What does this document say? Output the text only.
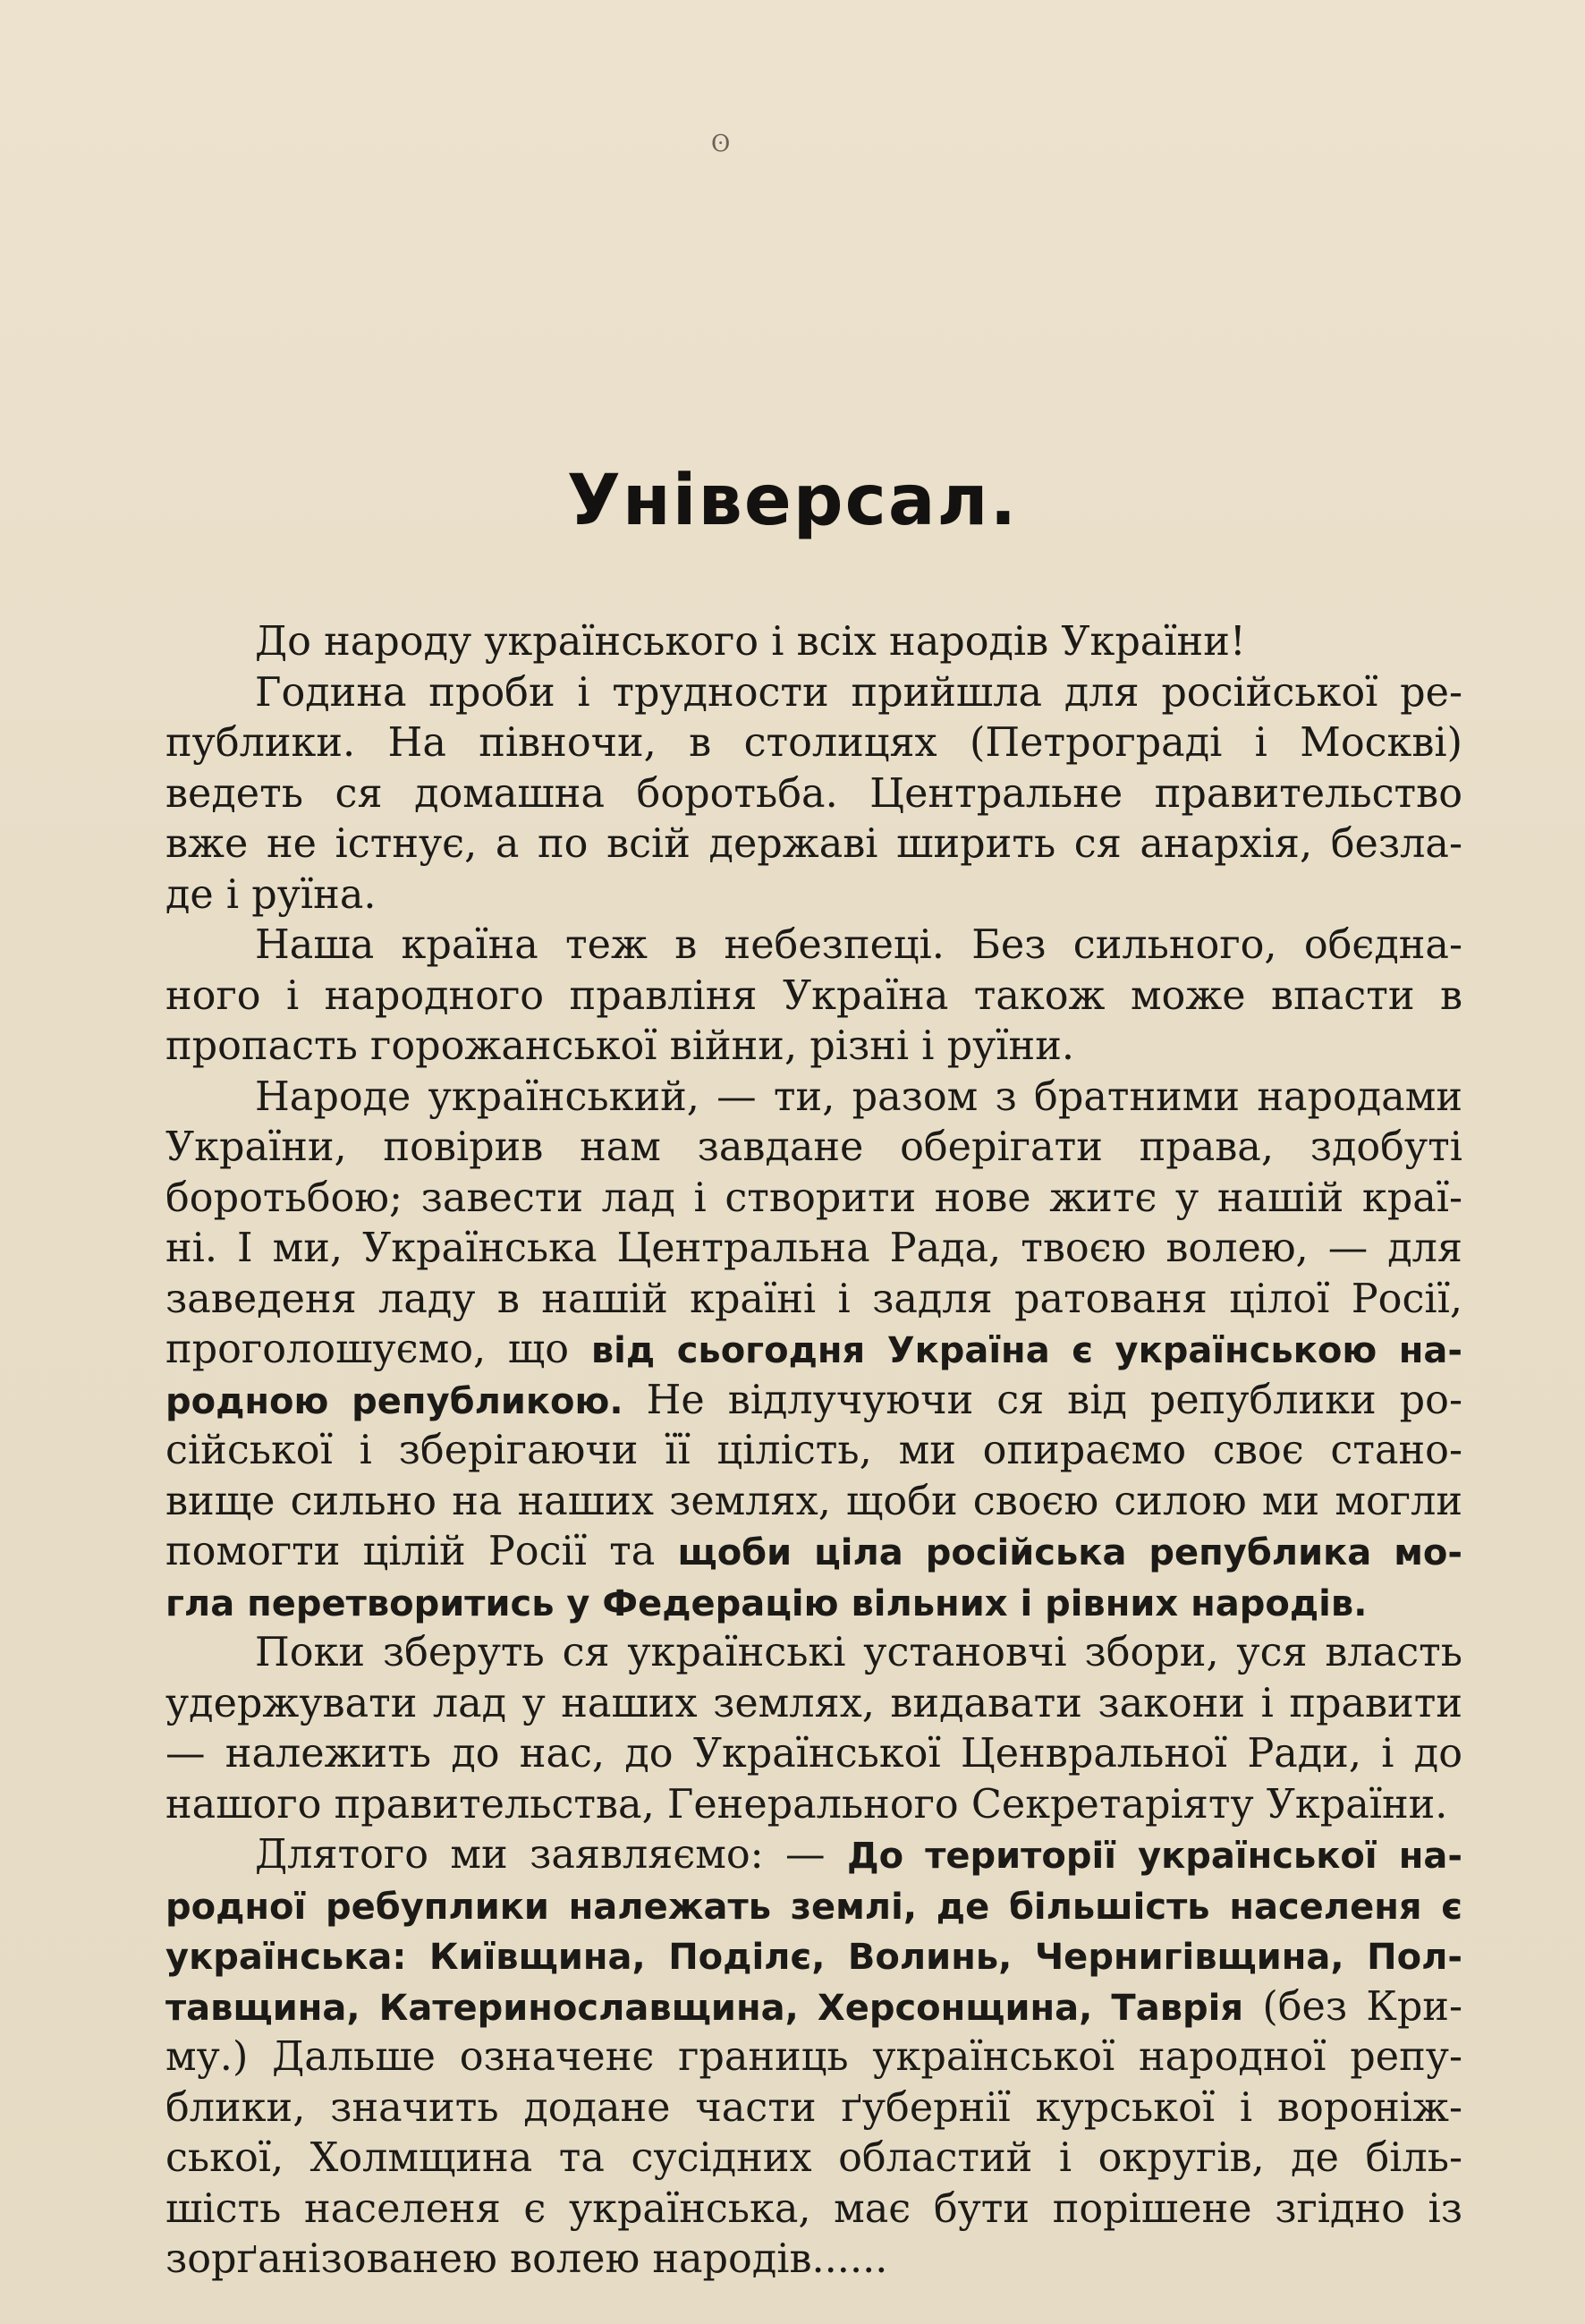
ʘ
Універсал.
До народу українського і всіх народів України!
Година проби і трудности прийшла для російської ре-
публики. На півночи, в столицях (Петрограді і Москві)
ведеть ся домашна боротьба. Центральне правительство
вже не істнує, а по всій державі ширить ся анархія, безла-
де і руїна.
Наша країна теж в небезпеці. Без сильного, обєдна-
ного і народного правліня Україна також може впасти в
пропасть горожанської війни, різні і руїни.
Народе український, — ти, разом з братними народами
України, повірив нам завдане оберігати права, здобуті
боротьбою; завести лад і створити нове житє у нашій краї-
ні. І ми, Українська Центральна Рада, твоєю волею, — для
заведеня ладу в нашій країні і задля ратованя цілої Росії,
проголошуємо, що від сьогодня Україна є українською на-
родною републикою. Не відлучуючи ся від републики ро-
сійської і зберігаючи її цілість, ми опираємо своє стано-
вище сильно на наших землях, щоби своєю силою ми могли
помогти цілій Росії та щоби ціла російська република мо-
гла перетворитись у Федерацію вільних і рівних народів.
Поки зберуть ся українські установчі збори, уся власть
удержувати лад у наших землях, видавати закони і правити
— належить до нас, до Української Ценвральної Ради, і до
нашого правительства, Генерального Секретаріяту України.
Длятого ми заявляємо: — До території української на-
родної ребуплики належать землі, де більшість населеня є
українська: Київщина, Поділє, Волинь, Чернигівщина, Пол-
тавщина, Катеринославщина, Херсонщина, Таврія (без Кри-
му.) Дальше означенє границь української народної репу-
блики, значить додане части ґубернії курської і вороніж-
ської, Холмщина та сусідних областий і округів, де біль-
шість населеня є українська, має бути порішене згідно із
зорґанізованею волею народів......
